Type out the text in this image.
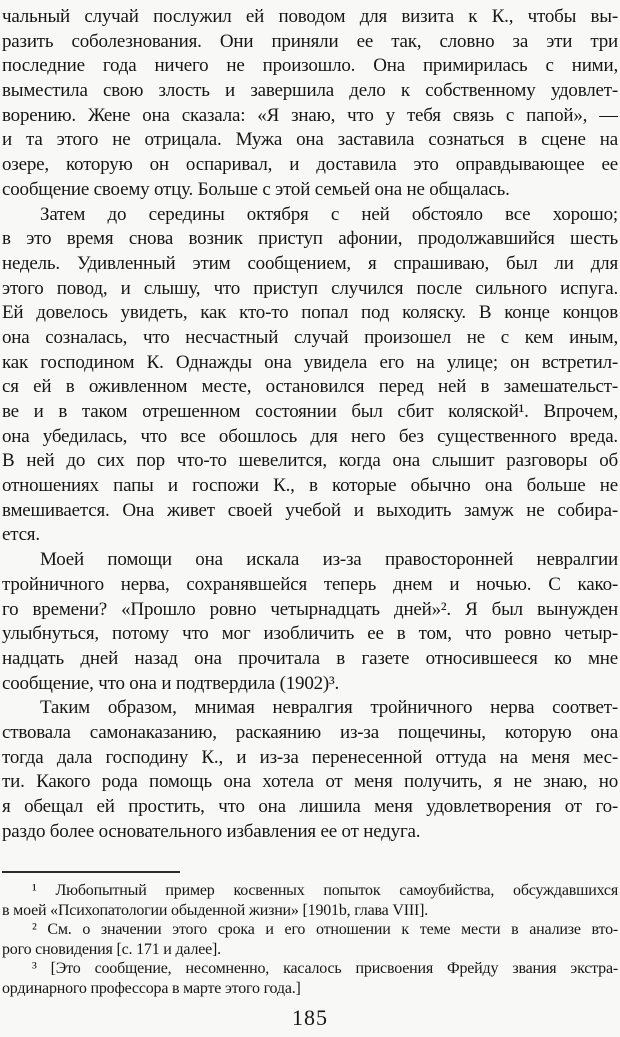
чальный случай послужил ей поводом для визита к К., чтобы вы-
разить соболезнования. Они приняли ее так, словно за эти три
последние года ничего не произошло. Она примирилась с ними,
выместила свою злость и завершила дело к собственному удовлет-
ворению. Жене она сказала: «Я знаю, что у тебя связь с папой», —
и та этого не отрицала. Мужа она заставила сознаться в сцене на
озере, которую он оспаривал, и доставила это оправдывающее ее
сообщение своему отцу. Больше с этой семьей она не общалась.
Затем до середины октября с ней обстояло все хорошо;
в это время снова возник приступ афонии, продолжавшийся шесть
недель. Удивленный этим сообщением, я спрашиваю, был ли для
этого повод, и слышу, что приступ случился после сильного испуга.
Ей довелось увидеть, как кто-то попал под коляску. В конце концов
она созналась, что несчастный случай произошел не с кем иным,
как господином К. Однажды она увидела его на улице; он встретил-
ся ей в оживленном месте, остановился перед ней в замешательст-
ве и в таком отрешенном состоянии был сбит коляской¹. Впрочем,
она убедилась, что все обошлось для него без существенного вреда.
В ней до сих пор что-то шевелится, когда она слышит разговоры об
отношениях папы и госпожи К., в которые обычно она больше не
вмешивается. Она живет своей учебой и выходить замуж не собира-
ется.
Моей помощи она искала из-за правосторонней невралгии
тройничного нерва, сохранявшейся теперь днем и ночью. С како-
го времени? «Прошло ровно четырнадцать дней»². Я был вынужден
улыбнуться, потому что мог изобличить ее в том, что ровно четыр-
надцать дней назад она прочитала в газете относившееся ко мне
сообщение, что она и подтвердила (1902)³.
Таким образом, мнимая невралгия тройничного нерва соответ-
ствовала самонаказанию, раскаянию из-за пощечины, которую она
тогда дала господину К., и из-за перенесенной оттуда на меня мес-
ти. Какого рода помощь она хотела от меня получить, я не знаю, но
я обещал ей простить, что она лишила меня удовлетворения от го-
раздо более основательного избавления ее от недуга.
¹ Любопытный пример косвенных попыток самоубийства, обсуждавшихся
в моей «Психопатологии обыденной жизни» [1901b, глава VIII].
² См. о значении этого срока и его отношении к теме мести в анализе вто-
рого сновидения [с. 171 и далее].
³ [Это сообщение, несомненно, касалось присвоения Фрейду звания экстра-
ординарного профессора в марте этого года.]
185
